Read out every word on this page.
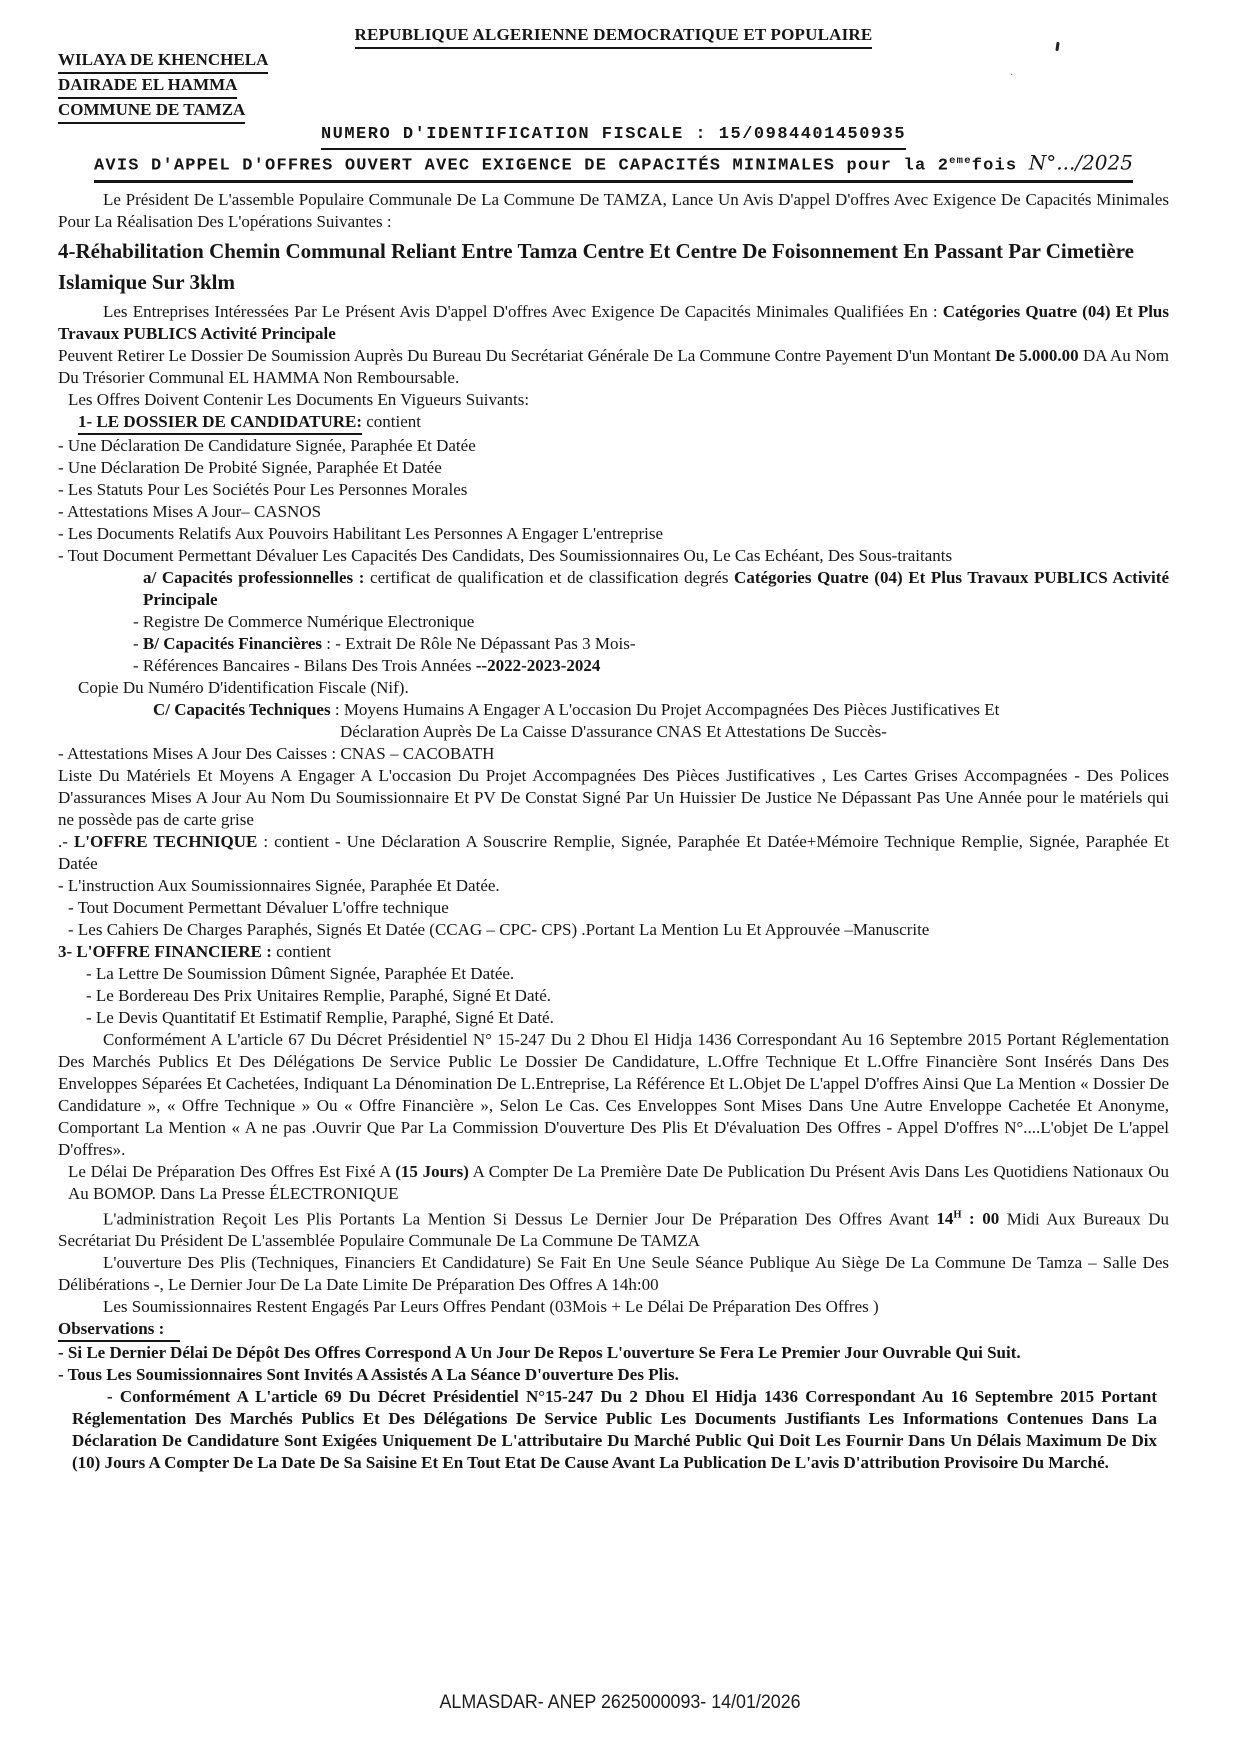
·
REPUBLIQUE ALGERIENNE DEMOCRATIQUE ET POPULAIRE
WILAYA DE KHENCHELA
DAIRADE EL HAMMA
COMMUNE DE TAMZA
NUMERO D'IDENTIFICATION FISCALE : 15/0984401450935
AVIS D'APPEL D'OFFRES OUVERT AVEC EXIGENCE DE CAPACITÉS MINIMALES pour la 2emefois N°.../2025

Le Président De L'assemble Populaire Communale De La Commune De TAMZA, Lance Un Avis D'appel D'offres Avec Exigence De Capacités Minimales Pour La Réalisation Des L'opérations Suivantes :

4-Réhabilitation Chemin Communal Reliant Entre Tamza Centre Et Centre De Foisonnement En Passant Par Cimetière Islamique Sur 3klm

Les Entreprises Intéressées Par Le Présent Avis D'appel D'offres Avec Exigence De Capacités Minimales Qualifiées En : Catégories Quatre (04) Et Plus Travaux PUBLICS Activité Principale

Peuvent Retirer Le Dossier De Soumission Auprès Du Bureau Du Secrétariat Générale De La Commune Contre Payement D'un Montant De 5.000.00 DA Au Nom Du Trésorier Communal EL HAMMA Non Remboursable.

Les Offres Doivent Contenir Les Documents En Vigueurs Suivants:

1- LE DOSSIER DE CANDIDATURE: contient

- Une Déclaration De Candidature Signée, Paraphée Et Datée

- Une Déclaration De Probité Signée, Paraphée Et Datée

- Les Statuts Pour Les Sociétés Pour Les Personnes Morales

- Attestations Mises A Jour– CASNOS

- Les Documents Relatifs Aux Pouvoirs Habilitant Les Personnes A Engager L'entreprise

- Tout Document Permettant Dévaluer Les Capacités Des Candidats, Des Soumissionnaires Ou, Le Cas Echéant, Des Sous-traitants

a/ Capacités professionnelles : certificat de qualification et de classification degrés Catégories Quatre (04) Et Plus Travaux PUBLICS Activité Principale

- Registre De Commerce Numérique Electronique

- B/ Capacités Financières : - Extrait De Rôle Ne Dépassant Pas 3 Mois-

- Références Bancaires - Bilans Des Trois Années --2022-2023-2024

Copie Du Numéro D'identification Fiscale (Nif).

C/ Capacités Techniques : Moyens Humains A Engager A L'occasion Du Projet Accompagnées Des Pièces Justificatives Et

Déclaration Auprès De La Caisse D'assurance CNAS Et Attestations De Succès-

- Attestations Mises A Jour Des Caisses : CNAS – CACOBATH

Liste Du Matériels Et Moyens A Engager A L'occasion Du Projet Accompagnées Des Pièces Justificatives , Les Cartes Grises Accompagnées - Des Polices D'assurances Mises A Jour Au Nom Du Soumissionnaire Et PV De Constat Signé Par Un Huissier De Justice Ne Dépassant Pas Une Année pour le matériels qui ne possède pas de carte grise

.- L'OFFRE TECHNIQUE : contient - Une Déclaration A Souscrire Remplie, Signée, Paraphée Et Datée+Mémoire Technique Remplie, Signée, Paraphée Et Datée

- L'instruction Aux Soumissionnaires Signée, Paraphée Et Datée.

- Tout Document Permettant Dévaluer L'offre technique

- Les Cahiers De Charges Paraphés, Signés Et Datée (CCAG – CPC- CPS) .Portant La Mention Lu Et Approuvée –Manuscrite

3- L'OFFRE FINANCIERE : contient

- La Lettre De Soumission Dûment Signée, Paraphée Et Datée.

- Le Bordereau Des Prix Unitaires Remplie, Paraphé, Signé Et Daté.

- Le Devis Quantitatif Et Estimatif Remplie, Paraphé, Signé Et Daté.

Conformément A L'article 67 Du Décret Présidentiel N° 15-247 Du 2 Dhou El Hidja 1436 Correspondant Au 16 Septembre 2015 Portant Réglementation Des Marchés Publics Et Des Délégations De Service Public Le Dossier De Candidature, L.Offre Technique Et L.Offre Financière Sont Insérés Dans Des Enveloppes Séparées Et Cachetées, Indiquant La Dénomination De L.Entreprise, La Référence Et L.Objet De L'appel D'offres Ainsi Que La Mention « Dossier De Candidature », « Offre Technique » Ou « Offre Financière », Selon Le Cas. Ces Enveloppes Sont Mises Dans Une Autre Enveloppe Cachetée Et Anonyme, Comportant La Mention « A ne pas .Ouvrir Que Par La Commission D'ouverture Des Plis Et D'évaluation Des Offres - Appel D'offres N°....L'objet De L'appel D'offres».

Le Délai De Préparation Des Offres Est Fixé A (15 Jours) A Compter De La Première Date De Publication Du Présent Avis Dans Les Quotidiens Nationaux Ou Au BOMOP. Dans La Presse ÉLECTRONIQUE

L'administration Reçoit Les Plis Portants La Mention Si Dessus Le Dernier Jour De Préparation Des Offres Avant $14^H$ : 00 Midi Aux Bureaux Du Secrétariat Du Président De L'assemblée Populaire Communale De La Commune De TAMZA

L'ouverture Des Plis (Techniques, Financiers Et Candidature) Se Fait En Une Seule Séance Publique Au Siège De La Commune De Tamza – Salle Des Délibérations -, Le Dernier Jour De La Date Limite De Préparation Des Offres A 14h:00

Les Soumissionnaires Restent Engagés Par Leurs Offres Pendant (03Mois + Le Délai De Préparation Des Offres )

Observations :

- Si Le Dernier Délai De Dépôt Des Offres Correspond A Un Jour De Repos L'ouverture Se Fera Le Premier Jour Ouvrable Qui Suit.

- Tous Les Soumissionnaires Sont Invités A Assistés A La Séance D'ouverture Des Plis.

- Conformément A L'article 69 Du Décret Présidentiel N°15-247 Du 2 Dhou El Hidja 1436 Correspondant Au 16 Septembre 2015 Portant Réglementation Des Marchés Publics Et Des Délégations De Service Public Les Documents Justifiants Les Informations Contenues Dans La Déclaration De Candidature Sont Exigées Uniquement De L'attributaire Du Marché Public Qui Doit Les Fournir Dans Un Délais Maximum De Dix (10) Jours A Compter De La Date De Sa Saisine Et En Tout Etat De Cause Avant La Publication De L'avis D'attribution Provisoire Du Marché.

ALMASDAR- ANEP 2625000093- 14/01/2026
